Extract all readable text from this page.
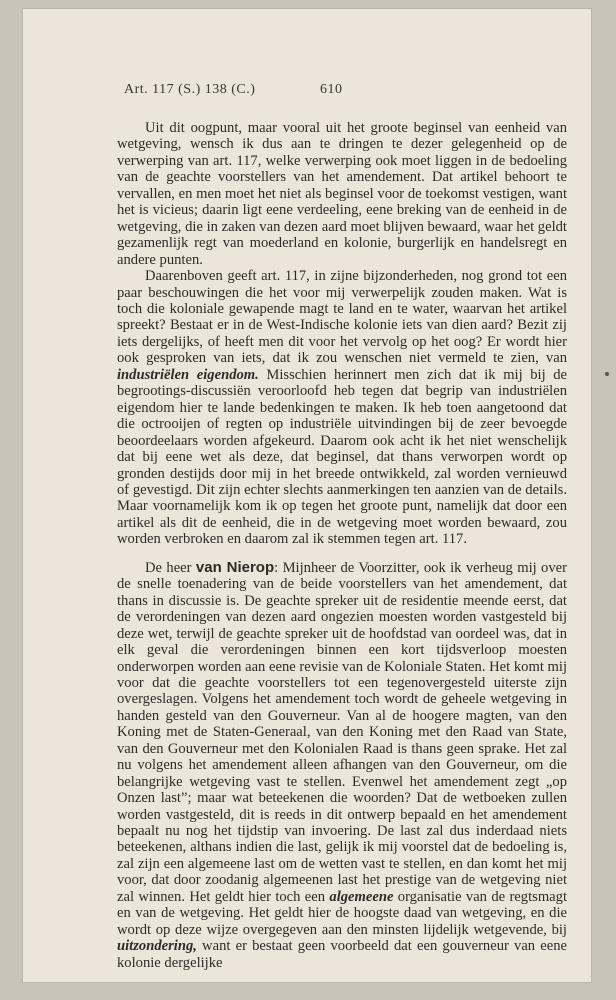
Art. 117 (S.) 138 (C.)	610

Uit dit oogpunt, maar vooral uit het groote beginsel van eenheid van wetgeving, wensch ik dus aan te dringen te dezer gelegenheid op de verwerping van art. 117, welke verwerping ook moet liggen in de bedoeling van de geachte voorstellers van het amendement. Dat artikel behoort te vervallen, en men moet het niet als beginsel voor de toekomst vestigen, want het is vicieus; daarin ligt eene verdeeling, eene breking van de eenheid in de wetgeving, die in zaken van dezen aard moet blijven bewaard, waar het geldt gezamenlijk regt van moederland en kolonie, burgerlijk en handelsregt en andere punten.

Daarenboven geeft art. 117, in zijne bijzonderheden, nog grond tot een paar beschouwingen die het voor mij verwerpelijk zouden maken. Wat is toch die koloniale gewapende magt te land en te water, waarvan het artikel spreekt? Bestaat er in de West-Indische kolonie iets van dien aard? Bezit zij iets dergelijks, of heeft men dit voor het vervolg op het oog? Er wordt hier ook gesproken van iets, dat ik zou wenschen niet vermeld te zien, van industriëlen eigendom. Misschien herinnert men zich dat ik mij bij de begrootings-discussiën veroorloofd heb tegen dat begrip van industriëlen eigendom hier te lande bedenkingen te maken. Ik heb toen aangetoond dat die octrooijen of regten op industriële uitvindingen bij de zeer bevoegde beoordeelaars worden afgekeurd. Daarom ook acht ik het niet wenschelijk dat bij eene wet als deze, dat beginsel, dat thans verworpen wordt op gronden destijds door mij in het breede ontwikkeld, zal worden vernieuwd of gevestigd. Dit zijn echter slechts aanmerkingen ten aanzien van de details. Maar voornamelijk kom ik op tegen het groote punt, namelijk dat door een artikel als dit de eenheid, die in de wetgeving moet worden bewaard, zou worden verbroken en daarom zal ik stemmen tegen art. 117.

De heer van Nierop: Mijnheer de Voorzitter, ook ik verheug mij over de snelle toenadering van de beide voorstellers van het amendement, dat thans in discussie is. De geachte spreker uit de residentie meende eerst, dat de verordeningen van dezen aard ongezien moesten worden vastgesteld bij deze wet, terwijl de geachte spreker uit de hoofdstad van oordeel was, dat in elk geval die verordeningen binnen een kort tijdsverloop moesten onderworpen worden aan eene revisie van de Koloniale Staten. Het komt mij voor dat die geachte voorstellers tot een tegenovergesteld uiterste zijn overgeslagen. Volgens het amendement toch wordt de geheele wetgeving in handen gesteld van den Gouverneur. Van al de hoogere magten, van den Koning met de Staten-Generaal, van den Koning met den Raad van State, van den Gouverneur met den Kolonialen Raad is thans geen sprake. Het zal nu volgens het amendement alleen afhangen van den Gouverneur, om die belangrijke wetgeving vast te stellen. Evenwel het amendement zegt „op Onzen last”; maar wat beteekenen die woorden? Dat de wetboeken zullen worden vastgesteld, dit is reeds in dit ontwerp bepaald en het amendement bepaalt nu nog het tijdstip van invoering. De last zal dus inderdaad niets beteekenen, althans indien die last, gelijk ik mij voorstel dat de bedoeling is, zal zijn een algemeene last om de wetten vast te stellen, en dan komt het mij voor, dat door zoodanig algemeenen last het prestige van de wetgeving niet zal winnen. Het geldt hier toch een algemeene organisatie van de regtsmagt en van de wetgeving. Het geldt hier de hoogste daad van wetgeving, en die wordt op deze wijze overgegeven aan den minsten lijdelijk wetgevende, bij uitzondering, want er bestaat geen voorbeeld dat een gouverneur van eene kolonie dergelijke
